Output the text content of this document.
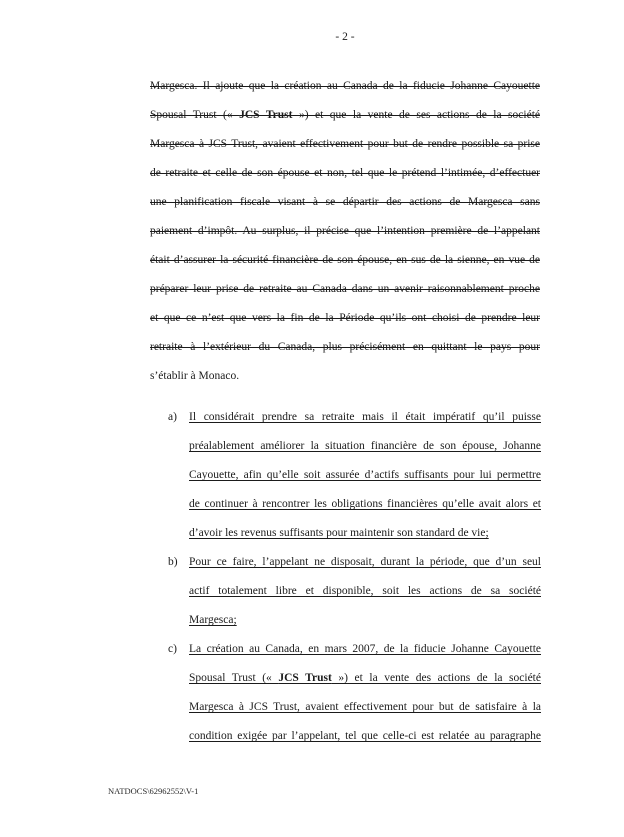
- 2 -
Margesca. Il ajoute que la création au Canada de la fiducie Johanne Cayouette
Spousal Trust (« JCS Trust ») et que la vente de ses actions de la société
Margesca à JCS Trust, avaient effectivement pour but de rendre possible sa prise
de retraite et celle de son épouse et non, tel que le prétend l’intimée, d’effectuer
une planification fiscale visant à se départir des actions de Margesca sans
paiement d’impôt. Au surplus, il précise que l’intention première de l’appelant
était d’assurer la sécurité financière de son épouse, en sus de la sienne, en vue de
préparer leur prise de retraite au Canada dans un avenir raisonnablement proche
et que ce n’est que vers la fin de la Période qu’ils ont choisi de prendre leur
retraite à l’extérieur du Canada, plus précisément en quittant le pays pour
s’établir à Monaco.
a)	Il considérait prendre sa retraite mais il était impératif qu’il puisse
préalablement améliorer la situation financière de son épouse, Johanne
Cayouette, afin qu’elle soit assurée d’actifs suffisants pour lui permettre
de continuer à rencontrer les obligations financières qu’elle avait alors et
d’avoir les revenus suffisants pour maintenir son standard de vie;
b) Pour ce faire, l’appelant ne disposait, durant la période, que d’un seul
actif totalement libre et disponible, soit les actions de sa société
Margesca;
c)	La création au Canada, en mars 2007, de la fiducie Johanne Cayouette
Spousal Trust (« JCS Trust ») et la vente des actions de la société
Margesca à JCS Trust, avaient effectivement pour but de satisfaire à la
condition exigée par l’appelant, tel que celle-ci est relatée au paragraphe
NATDOCS\62962552\V-1
